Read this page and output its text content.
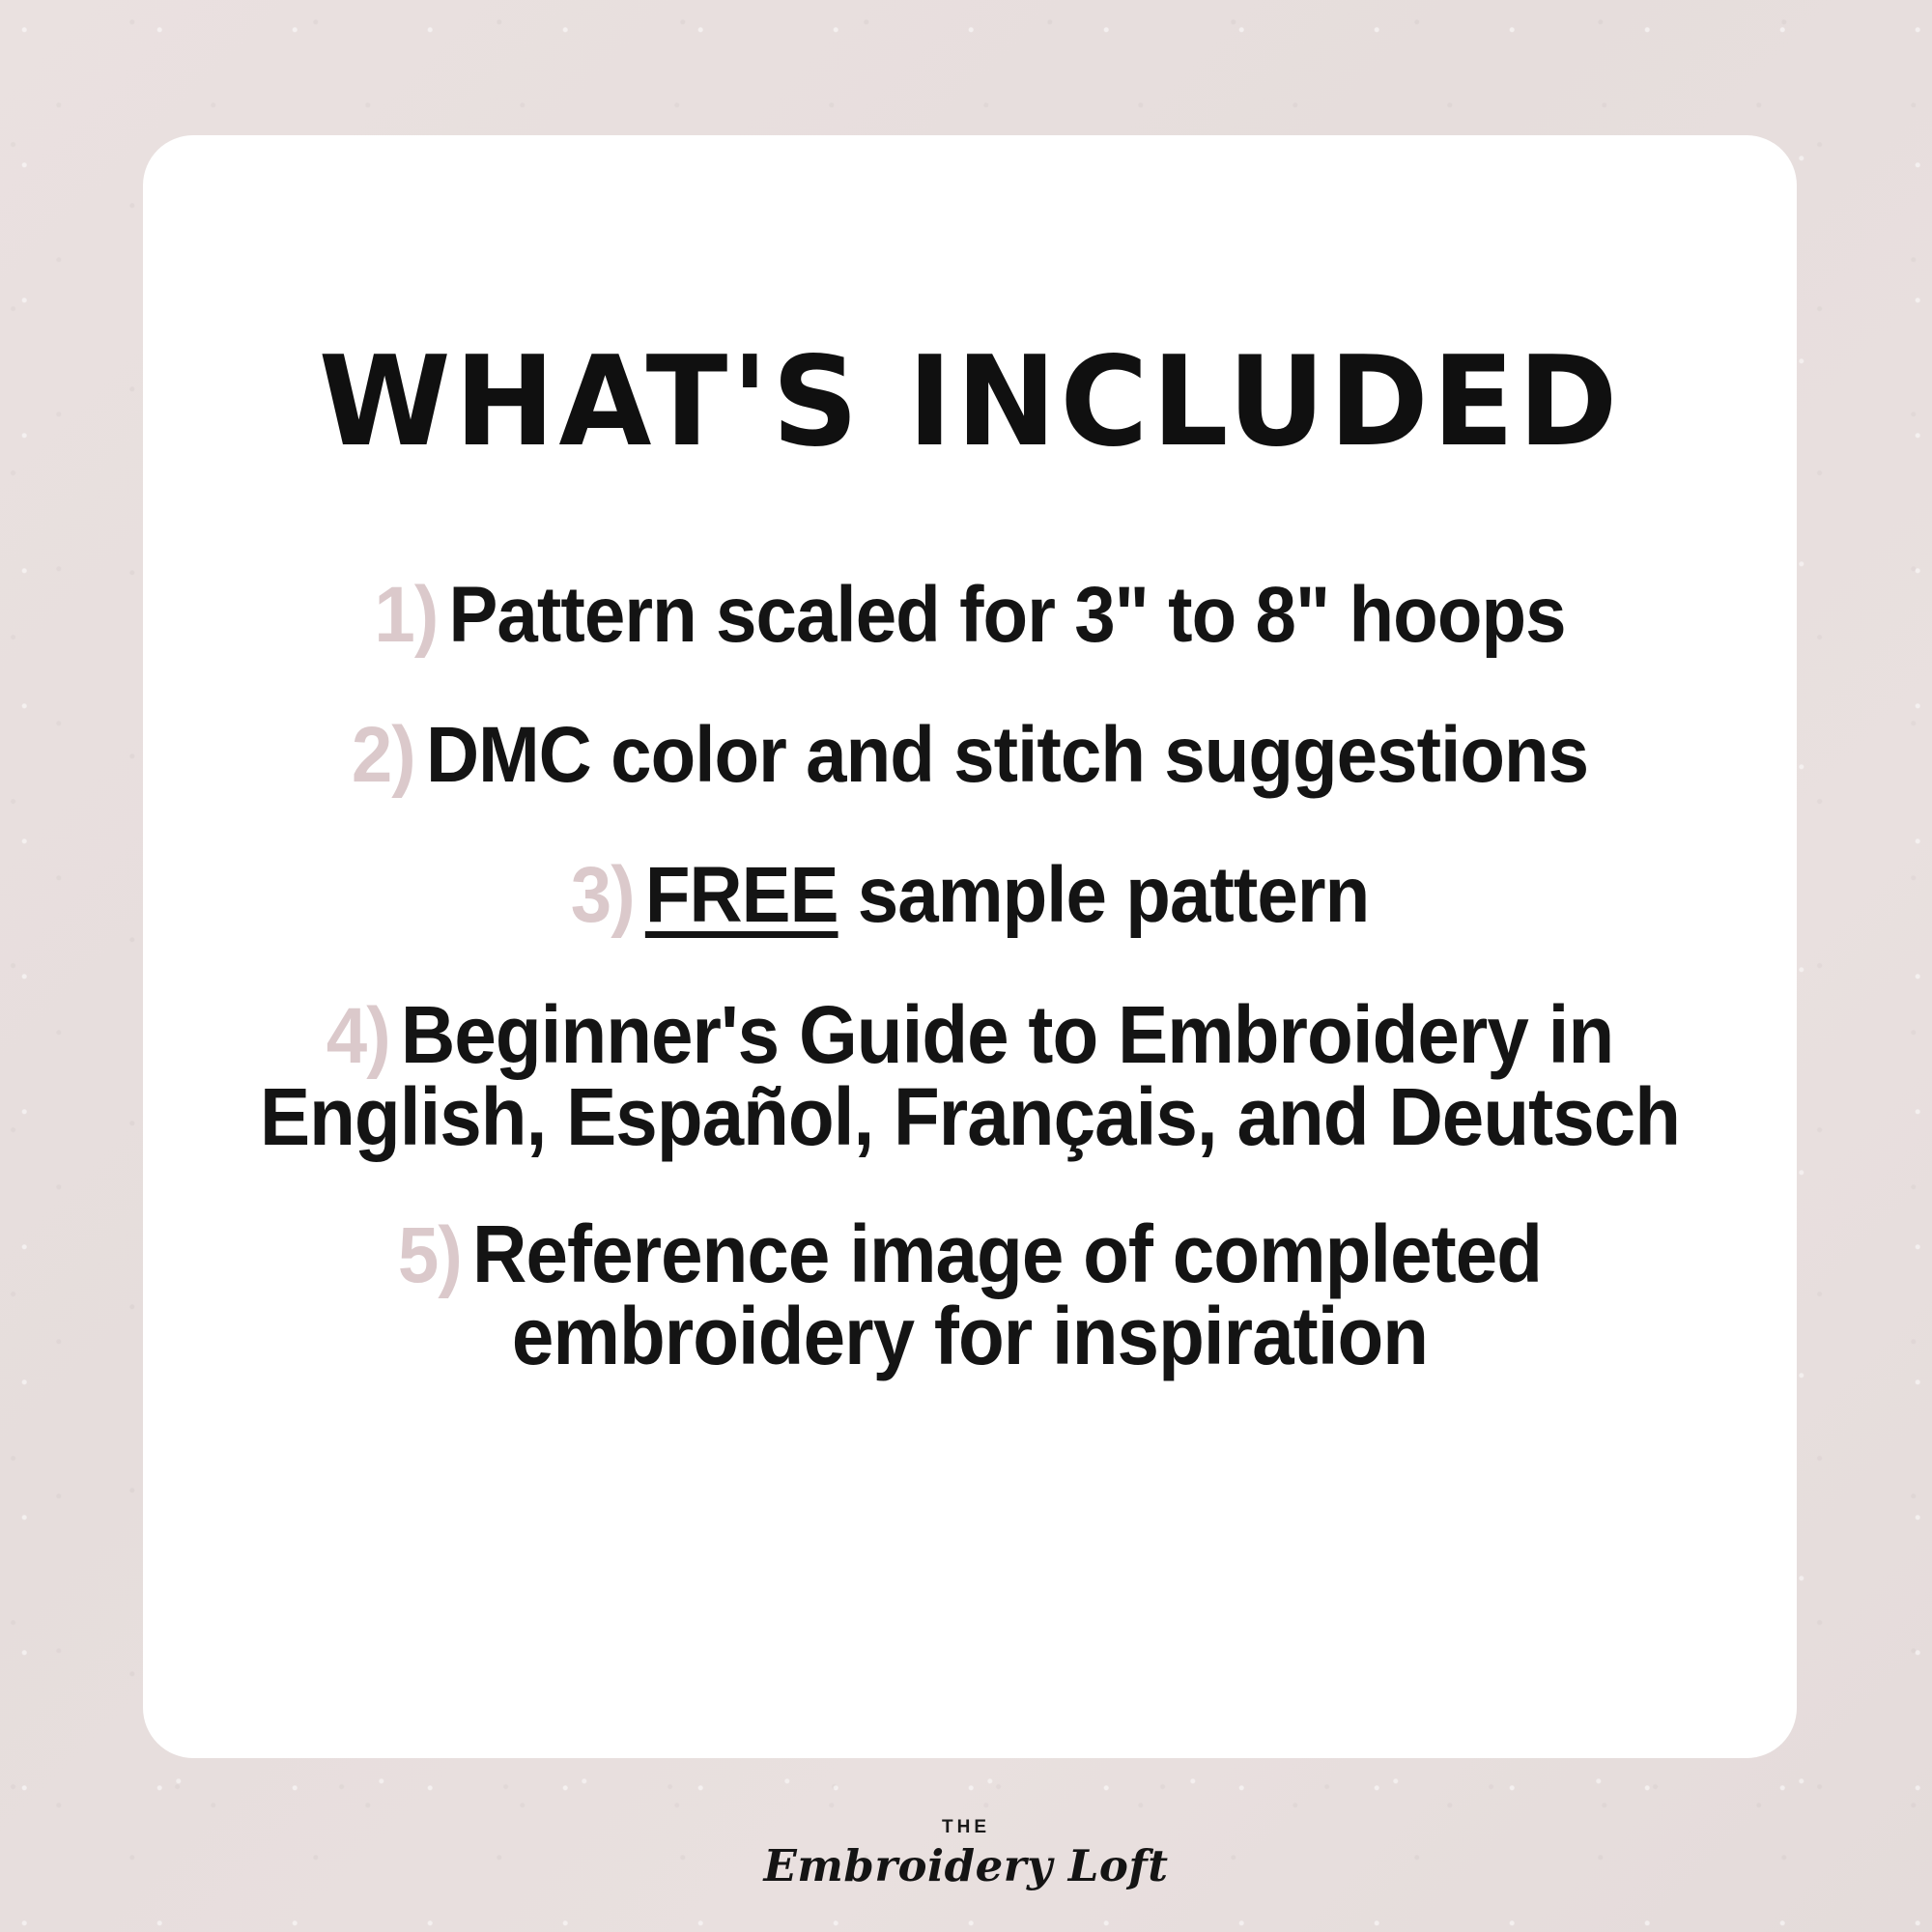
WHAT'S INCLUDED
1) Pattern scaled for 3" to 8" hoops
2) DMC color and stitch suggestions
3) FREE sample pattern
4) Beginner's Guide to Embroidery in English, Español, Français, and Deutsch
5) Reference image of completed embroidery for inspiration
THE
Embroidery Loft
